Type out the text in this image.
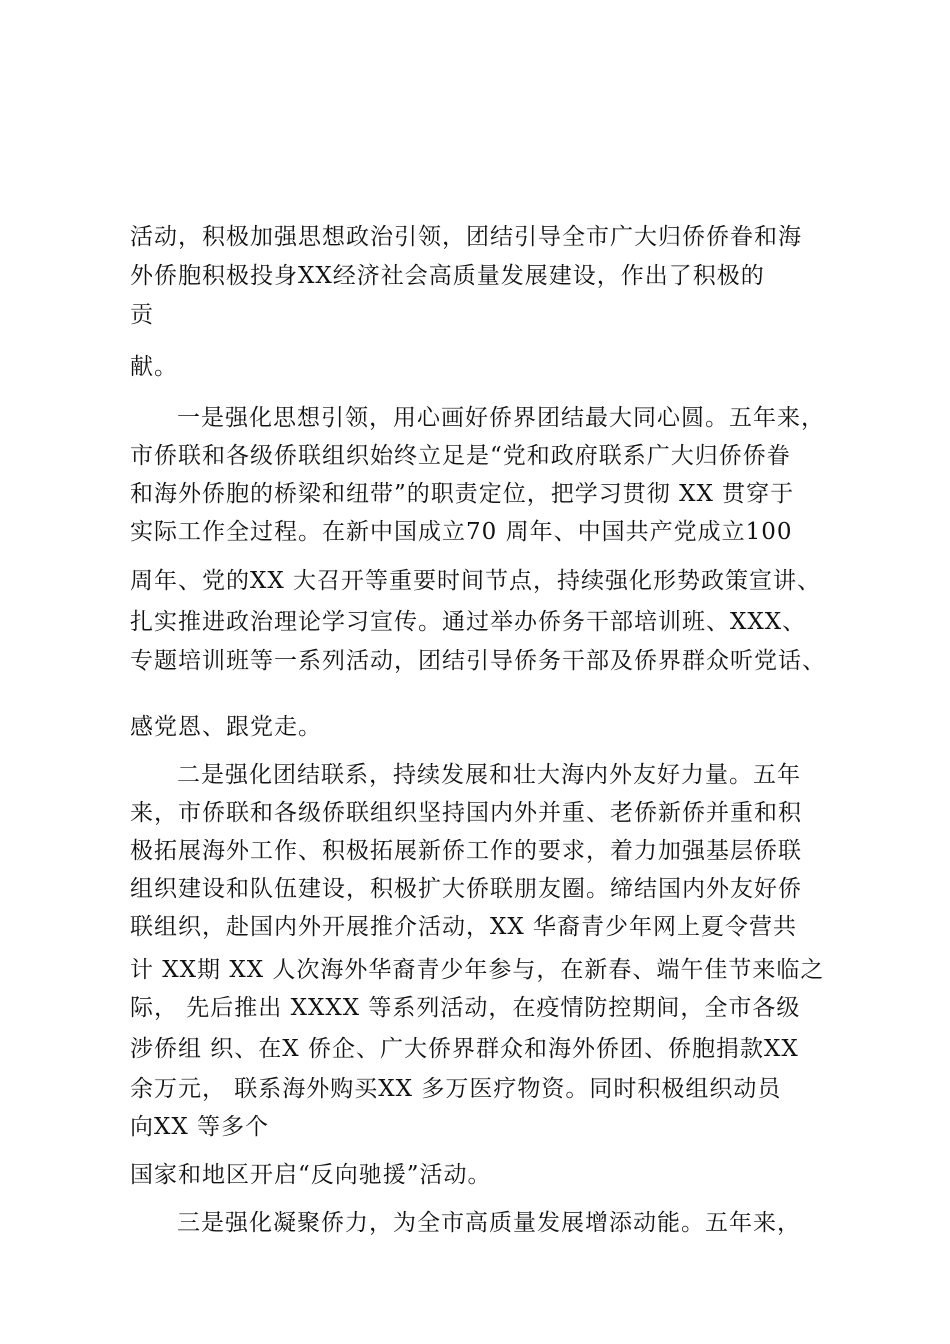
活动，积极加强思想政治引领，团结引导全市广大归侨侨眷和海
外侨胞积极投身XX经济社会高质量发展建设，作出了积极的
贡
献。
一是强化思想引领，用心画好侨界团结最大同心圆。五年来，
市侨联和各级侨联组织始终立足是“党和政府联系广大归侨侨眷
和海外侨胞的桥梁和纽带”的职责定位，把学习贯彻 XX 贯穿于
实际工作全过程。在新中国成立70 周年、中国共产党成立100
周年、党的XX 大召开等重要时间节点，持续强化形势政策宣讲、
扎实推进政治理论学习宣传。通过举办侨务干部培训班、XXX、
专题培训班等一系列活动，团结引导侨务干部及侨界群众听党话、
感党恩、跟党走。
二是强化团结联系，持续发展和壮大海内外友好力量。五年
来，市侨联和各级侨联组织坚持国内外并重、老侨新侨并重和积
极拓展海外工作、积极拓展新侨工作的要求，着力加强基层侨联
组织建设和队伍建设，积极扩大侨联朋友圈。缔结国内外友好侨
联组织，赴国内外开展推介活动，XX 华裔青少年网上夏令营共
计 XX期 XX 人次海外华裔青少年参与，在新春、端午佳节来临之
际， 先后推出 XXXX 等系列活动，在疫情防控期间，全市各级
涉侨组 织、在X 侨企、广大侨界群众和海外侨团、侨胞捐款XX
余万元， 联系海外购买XX 多万医疗物资。同时积极组织动员
向XX 等多个
国家和地区开启“反向驰援”活动。
三是强化凝聚侨力，为全市高质量发展增添动能。五年来，
